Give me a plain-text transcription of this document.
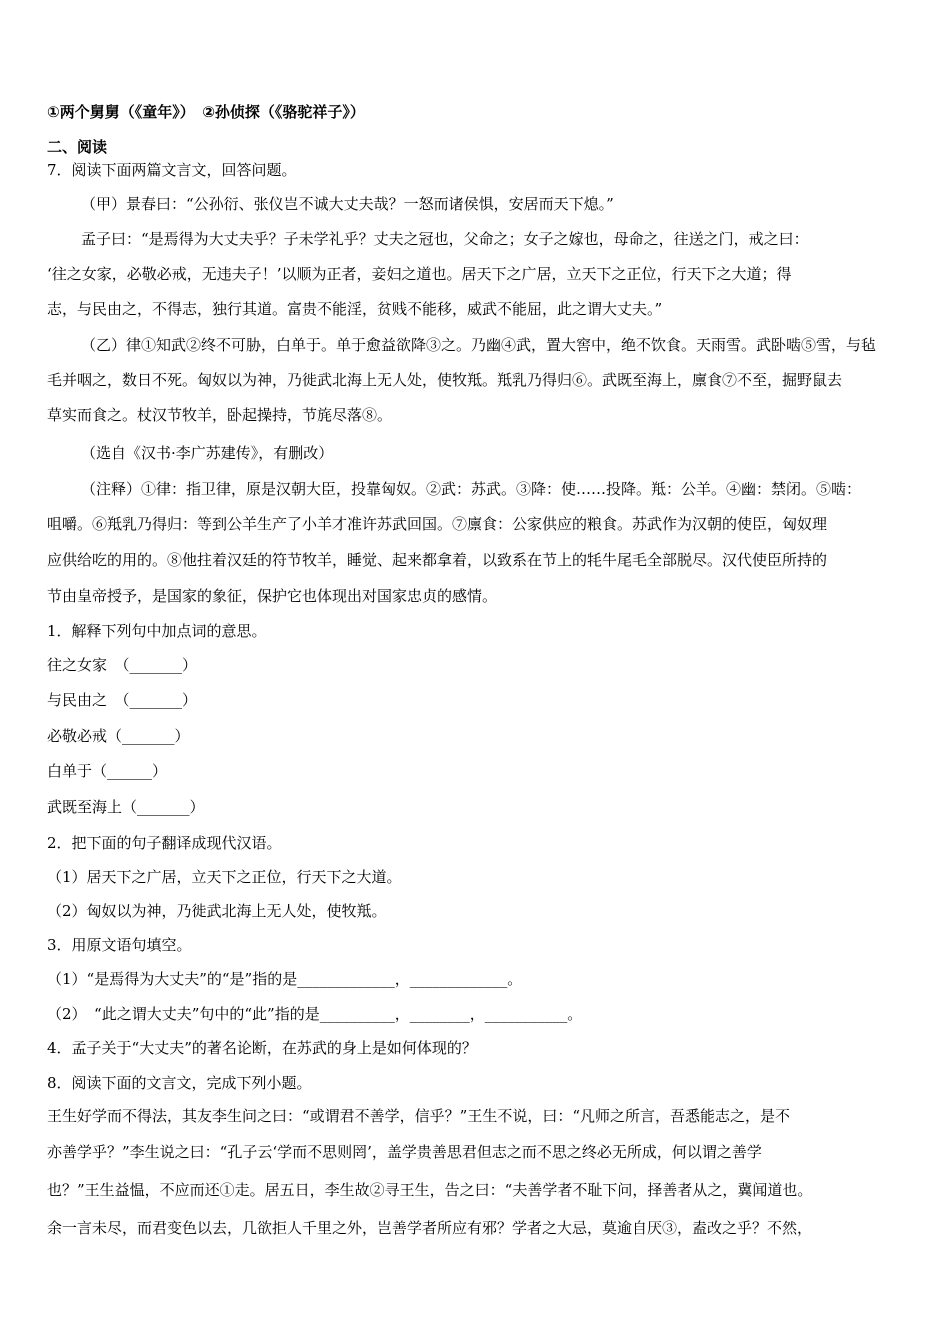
①两个舅舅（《童年》）　②孙侦探（《骆驼祥子》）
二、阅读
7．阅读下面两篇文言文，回答问题。
（甲）景春曰：“公孙衍、张仪岂不诚大丈夫哉？一怒而诸侯惧，安居而天下熄。”
孟子曰：“是焉得为大丈夫乎？子未学礼乎？丈夫之冠也，父命之；女子之嫁也，母命之，往送之门，戒之曰：
‘往之女家，必敬必戒，无违夫子！’以顺为正者，妾妇之道也。居天下之广居，立天下之正位，行天下之大道；得
志，与民由之，不得志，独行其道。富贵不能淫，贫贱不能移，威武不能屈，此之谓大丈夫。”
（乙）律①知武②终不可胁，白单于。单于愈益欲降③之。乃幽④武，置大窖中，绝不饮食。天雨雪。武卧啮⑤雪，与毡
毛并咽之，数日不死。匈奴以为神，乃徙武北海上无人处，使牧羝。羝乳乃得归⑥。武既至海上，廪食⑦不至，掘野鼠去
草实而食之。杖汉节牧羊，卧起操持，节旄尽落⑧。
（选自《汉书·李广苏建传》，有删改）
（注释）①律：指卫律，原是汉朝大臣，投靠匈奴。②武：苏武。③降：使……投降。羝：公羊。④幽：禁闭。⑤啮：
咀嚼。⑥羝乳乃得归：等到公羊生产了小羊才准许苏武回国。⑦廪食：公家供应的粮食。苏武作为汉朝的使臣，匈奴理
应供给吃的用的。⑧他拄着汉廷的符节牧羊，睡觉、起来都拿着，以致系在节上的牦牛尾毛全部脱尽。汉代使臣所持的
节由皇帝授予，是国家的象征，保护它也体现出对国家忠贞的感情。
1．解释下列句中加点词的意思。
往之女家　（_______）
与民由之　（_______）
必敬必戒（_______）
白单于（______）
武既至海上（_______）
2．把下面的句子翻译成现代汉语。
（1）居天下之广居，立天下之正位，行天下之大道。
（2）匈奴以为神，乃徙武北海上无人处，使牧羝。
3．用原文语句填空。
（1）“是焉得为大丈夫”的“是”指的是_____________，_____________。
（2）　“此之谓大丈夫”句中的“此”指的是__________，________，___________。
4．孟子关于“大丈夫”的著名论断，在苏武的身上是如何体现的？
8．阅读下面的文言文，完成下列小题。
王生好学而不得法，其友李生问之曰：“或谓君不善学，信乎？”王生不说，曰：“凡师之所言，吾悉能志之，是不
亦善学乎？”李生说之曰：“孔子云‘学而不思则罔’，盖学贵善思君但志之而不思之终必无所成，何以谓之善学
也？”王生益愠，不应而还①走。居五日，李生故②寻王生，告之曰：“夫善学者不耻下问，择善者从之，冀闻道也。
余一言未尽，而君变色以去，几欲拒人千里之外，岂善学者所应有邪？学者之大忌，莫逾自厌③，盍改之乎？不然，
